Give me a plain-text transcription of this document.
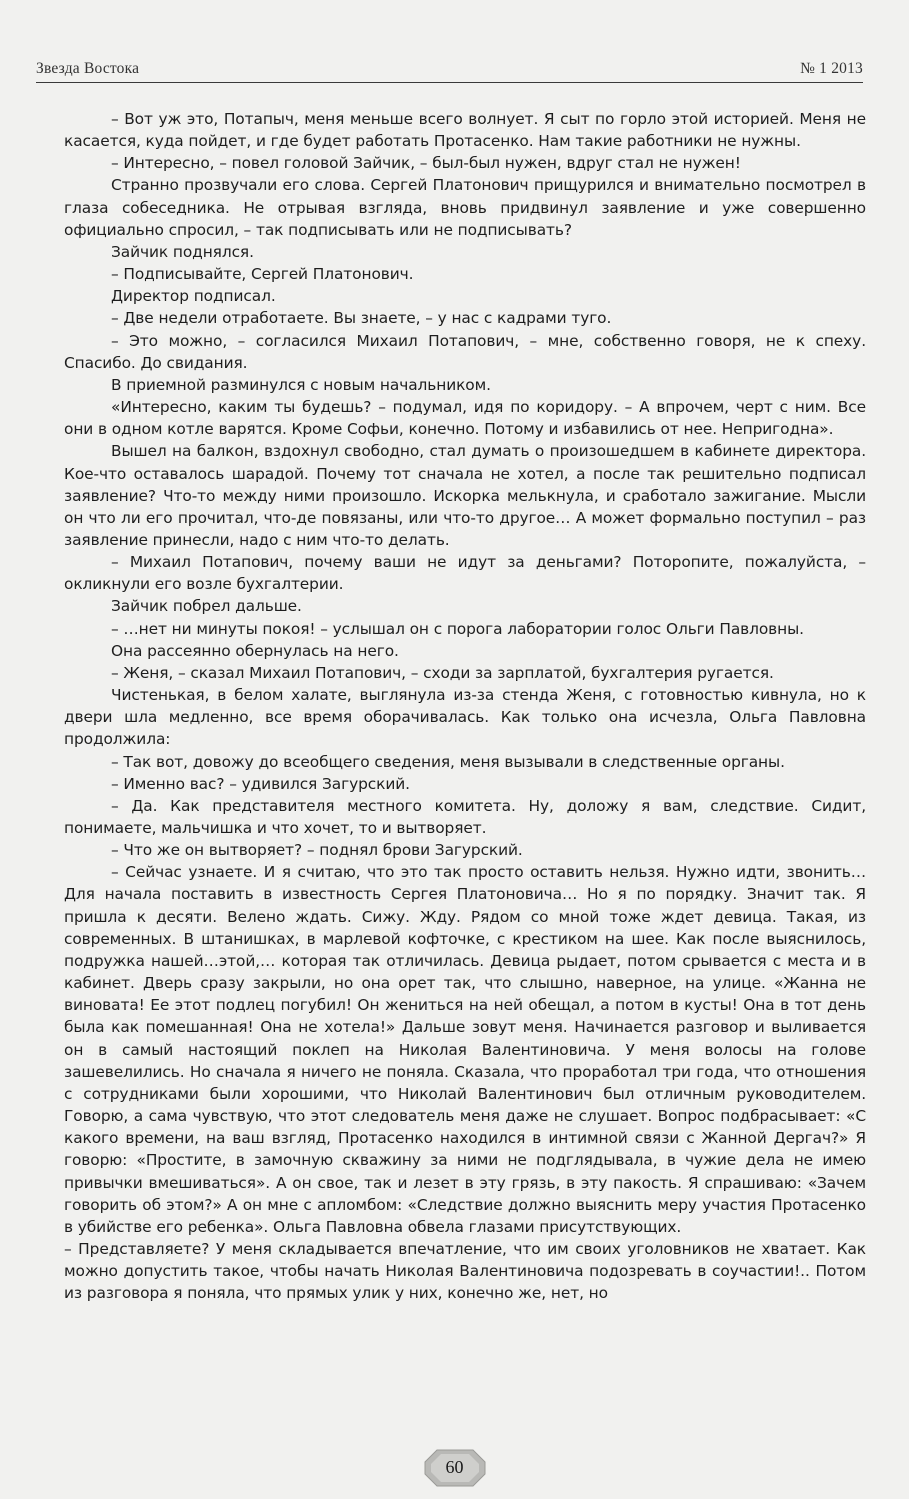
Звезда Востока	№ 1 2013

– Вот уж это, Потапыч, меня меньше всего волнует. Я сыт по горло этой историей. Меня не касается, куда пойдет, и где будет работать Протасенко. Нам такие работники не нужны.

– Интересно, – повел головой Зайчик, – был-был нужен, вдруг стал не нужен!

Странно прозвучали его слова. Сергей Платонович прищурился и внимательно посмотрел в глаза собеседника. Не отрывая взгляда, вновь придвинул заявление и уже совершенно официально спросил, – так подписывать или не подписывать?

Зайчик поднялся.

– Подписывайте, Сергей Платонович.

Директор подписал.

– Две недели отработаете. Вы знаете, – у нас с кадрами туго.

– Это можно, – согласился Михаил Потапович, – мне, собственно говоря, не к спеху. Спасибо. До свидания.

В приемной разминулся с новым начальником.

«Интересно, каким ты будешь? – подумал, идя по коридору. – А впрочем, черт с ним. Все они в одном котле варятся. Кроме Софьи, конечно. Потому и избавились от нее. Непригодна».

Вышел на балкон, вздохнул свободно, стал думать о произошедшем в кабинете директора. Кое-что оставалось шарадой. Почему тот сначала не хотел, а после так решительно подписал заявление? Что-то между ними произошло. Искорка мелькнула, и сработало зажигание. Мысли он что ли его прочитал, что-де повязаны, или что-то другое… А может формально поступил – раз заявление принесли, надо с ним что-то делать.

– Михаил Потапович, почему ваши не идут за деньгами? Поторопите, пожалуйста, – окликнули его возле бухгалтерии.

Зайчик побрел дальше.

– …нет ни минуты покоя! – услышал он с порога лаборатории голос Ольги Павловны.

Она рассеянно обернулась на него.

– Женя, – сказал Михаил Потапович, – сходи за зарплатой, бухгалтерия ругается.

Чистенькая, в белом халате, выглянула из-за стенда Женя, с готовностью кивнула, но к двери шла медленно, все время оборачивалась. Как только она исчезла, Ольга Павловна продолжила:

– Так вот, довожу до всеобщего сведения, меня вызывали в следственные органы.

– Именно вас? – удивился Загурский.

– Да. Как представителя местного комитета. Ну, доложу я вам, следствие. Сидит, понимаете, мальчишка и что хочет, то и вытворяет.

– Что же он вытворяет? – поднял брови Загурский.

– Сейчас узнаете. И я считаю, что это так просто оставить нельзя. Нужно идти, звонить… Для начала поставить в известность Сергея Платоновича… Но я по порядку. Значит так. Я пришла к десяти. Велено ждать. Сижу. Жду. Рядом со мной тоже ждет девица. Такая, из современных. В штанишках, в марлевой кофточке, с крестиком на шее. Как после выяснилось, подружка нашей…этой,… которая так отличилась. Девица рыдает, потом срывается с места и в кабинет. Дверь сразу закрыли, но она орет так, что слышно, наверное, на улице. «Жанна не виновата! Ее этот подлец погубил! Он жениться на ней обещал, а потом в кусты! Она в тот день была как помешанная! Она не хотела!» Дальше зовут меня. Начинается разговор и выливается он в самый настоящий поклеп на Николая Валентиновича. У меня волосы на голове зашевелились. Но сначала я ничего не поняла. Сказала, что проработал три года, что отношения с сотрудниками были хорошими, что Николай Валентинович был отличным руководителем. Говорю, а сама чувствую, что этот следователь меня даже не слушает. Вопрос подбрасывает: «С какого времени, на ваш взгляд, Протасенко находился в интимной связи с Жанной Дергач?» Я говорю: «Простите, в замочную скважину за ними не подглядывала, в чужие дела не имею привычки вмешиваться». А он свое, так и лезет в эту грязь, в эту пакость. Я спрашиваю: «Зачем говорить об этом?» А он мне с апломбом: «Следствие должно выяснить меру участия Протасенко в убийстве его ребенка». Ольга Павловна обвела глазами присутствующих.

– Представляете? У меня складывается впечатление, что им своих уголовников не хватает. Как можно допустить такое, чтобы начать Николая Валентиновича подозревать в соучастии!.. Потом из разговора я поняла, что прямых улик у них, конечно же, нет, но

60
